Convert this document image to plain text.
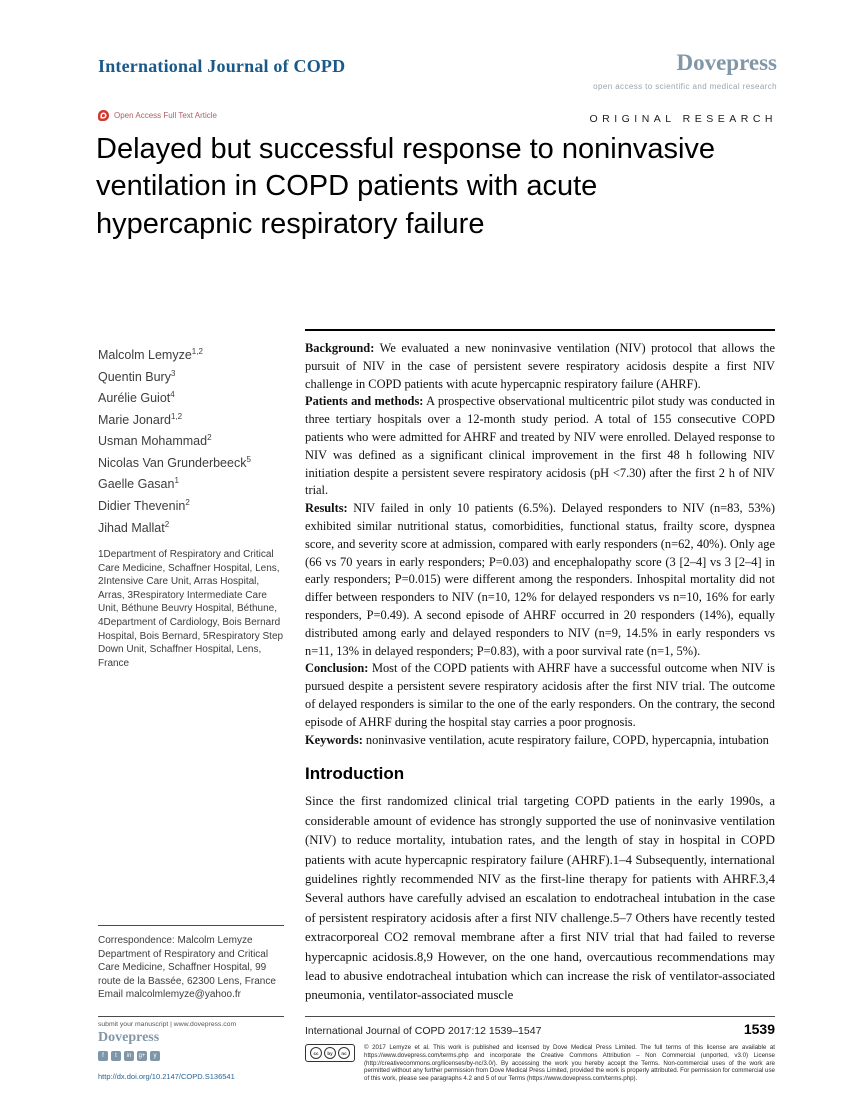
International Journal of COPD	Dovepress
open access to scientific and medical research
Open Access Full Text Article	ORIGINAL RESEARCH
Delayed but successful response to noninvasive ventilation in COPD patients with acute hypercapnic respiratory failure
Malcolm Lemyze$^{1,2}$
Quentin Bury$^3$
Aurélie Guiot$^4$
Marie Jonard$^{1,2}$
Usman Mohammad$^2$
Nicolas Van Grunderbeeck$^5$
Gaelle Gasan$^1$
Didier Thevenin$^2$
Jihad Mallat$^2$
1Department of Respiratory and Critical Care Medicine, Schaffner Hospital, Lens, 2Intensive Care Unit, Arras Hospital, Arras, 3Respiratory Intermediate Care Unit, Béthune Beuvry Hospital, Béthune, 4Department of Cardiology, Bois Bernard Hospital, Bois Bernard, 5Respiratory Step Down Unit, Schaffner Hospital, Lens, France
Correspondence: Malcolm Lemyze
Department of Respiratory and Critical Care Medicine, Schaffner Hospital, 99 route de la Bassée, 62300 Lens, France
Email malcolmlemyze@yahoo.fr

Background: We evaluated a new noninvasive ventilation (NIV) protocol that allows the pursuit of NIV in the case of persistent severe respiratory acidosis despite a first NIV challenge in COPD patients with acute hypercapnic respiratory failure (AHRF).

Patients and methods: A prospective observational multicentric pilot study was conducted in three tertiary hospitals over a 12-month study period. A total of 155 consecutive COPD patients who were admitted for AHRF and treated by NIV were enrolled. Delayed response to NIV was defined as a significant clinical improvement in the first 48 h following NIV initiation despite a persistent severe respiratory acidosis (pH <7.30) after the first 2 h of NIV trial.

Results: NIV failed in only 10 patients (6.5%). Delayed responders to NIV (n=83, 53%) exhibited similar nutritional status, comorbidities, functional status, frailty score, dyspnea score, and severity score at admission, compared with early responders (n=62, 40%). Only age (66 vs 70 years in early responders; P=0.03) and encephalopathy score (3 [2–4] vs 3 [2–4] in early responders; P=0.015) were different among the responders. Inhospital mortality did not differ between responders to NIV (n=10, 12% for delayed responders vs n=10, 16% for early responders, P=0.49). A second episode of AHRF occurred in 20 responders (14%), equally distributed among early and delayed responders to NIV (n=9, 14.5% in early responders vs n=11, 13% in delayed responders; P=0.83), with a poor survival rate (n=1, 5%).

Conclusion: Most of the COPD patients with AHRF have a successful outcome when NIV is pursued despite a persistent severe respiratory acidosis after the first NIV trial. The outcome of delayed responders is similar to the one of the early responders. On the contrary, the second episode of AHRF during the hospital stay carries a poor prognosis.

Keywords: noninvasive ventilation, acute respiratory failure, COPD, hypercapnia, intubation

Introduction

Since the first randomized clinical trial targeting COPD patients in the early 1990s, a considerable amount of evidence has strongly supported the use of noninvasive ventilation (NIV) to reduce mortality, intubation rates, and the length of stay in hospital in COPD patients with acute hypercapnic respiratory failure (AHRF).1–4 Subsequently, international guidelines rightly recommended NIV as the first-line therapy for patients with AHRF.3,4 Several authors have carefully advised an escalation to endotracheal intubation in the case of persistent respiratory acidosis after a first NIV challenge.5–7 Others have recently tested extracorporeal CO2 removal membrane after a first NIV trial that had failed to reverse hypercapnic acidosis.8,9 However, on the one hand, overcautious recommendations may lead to abusive endotracheal intubation which can increase the risk of ventilator-associated pneumonia, ventilator-associated muscle

submit your manuscript | www.dovepress.com
Dovepress
f	t	in	g+	y
http://dx.doi.org/10.2147/COPD.S136541
International Journal of COPD 2017:12 1539–1547	1539
cc	by	nc

© 2017 Lemyze et al. This work is published and licensed by Dove Medical Press Limited. The full terms of this license are available at https://www.dovepress.com/terms.php and incorporate the Creative Commons Attribution – Non Commercial (unported, v3.0) License (http://creativecommons.org/licenses/by-nc/3.0/). By accessing the work you hereby accept the Terms. Non-commercial uses of the work are permitted without any further permission from Dove Medical Press Limited, provided the work is properly attributed. For permission for commercial use of this work, please see paragraphs 4.2 and 5 of our Terms (https://www.dovepress.com/terms.php).
